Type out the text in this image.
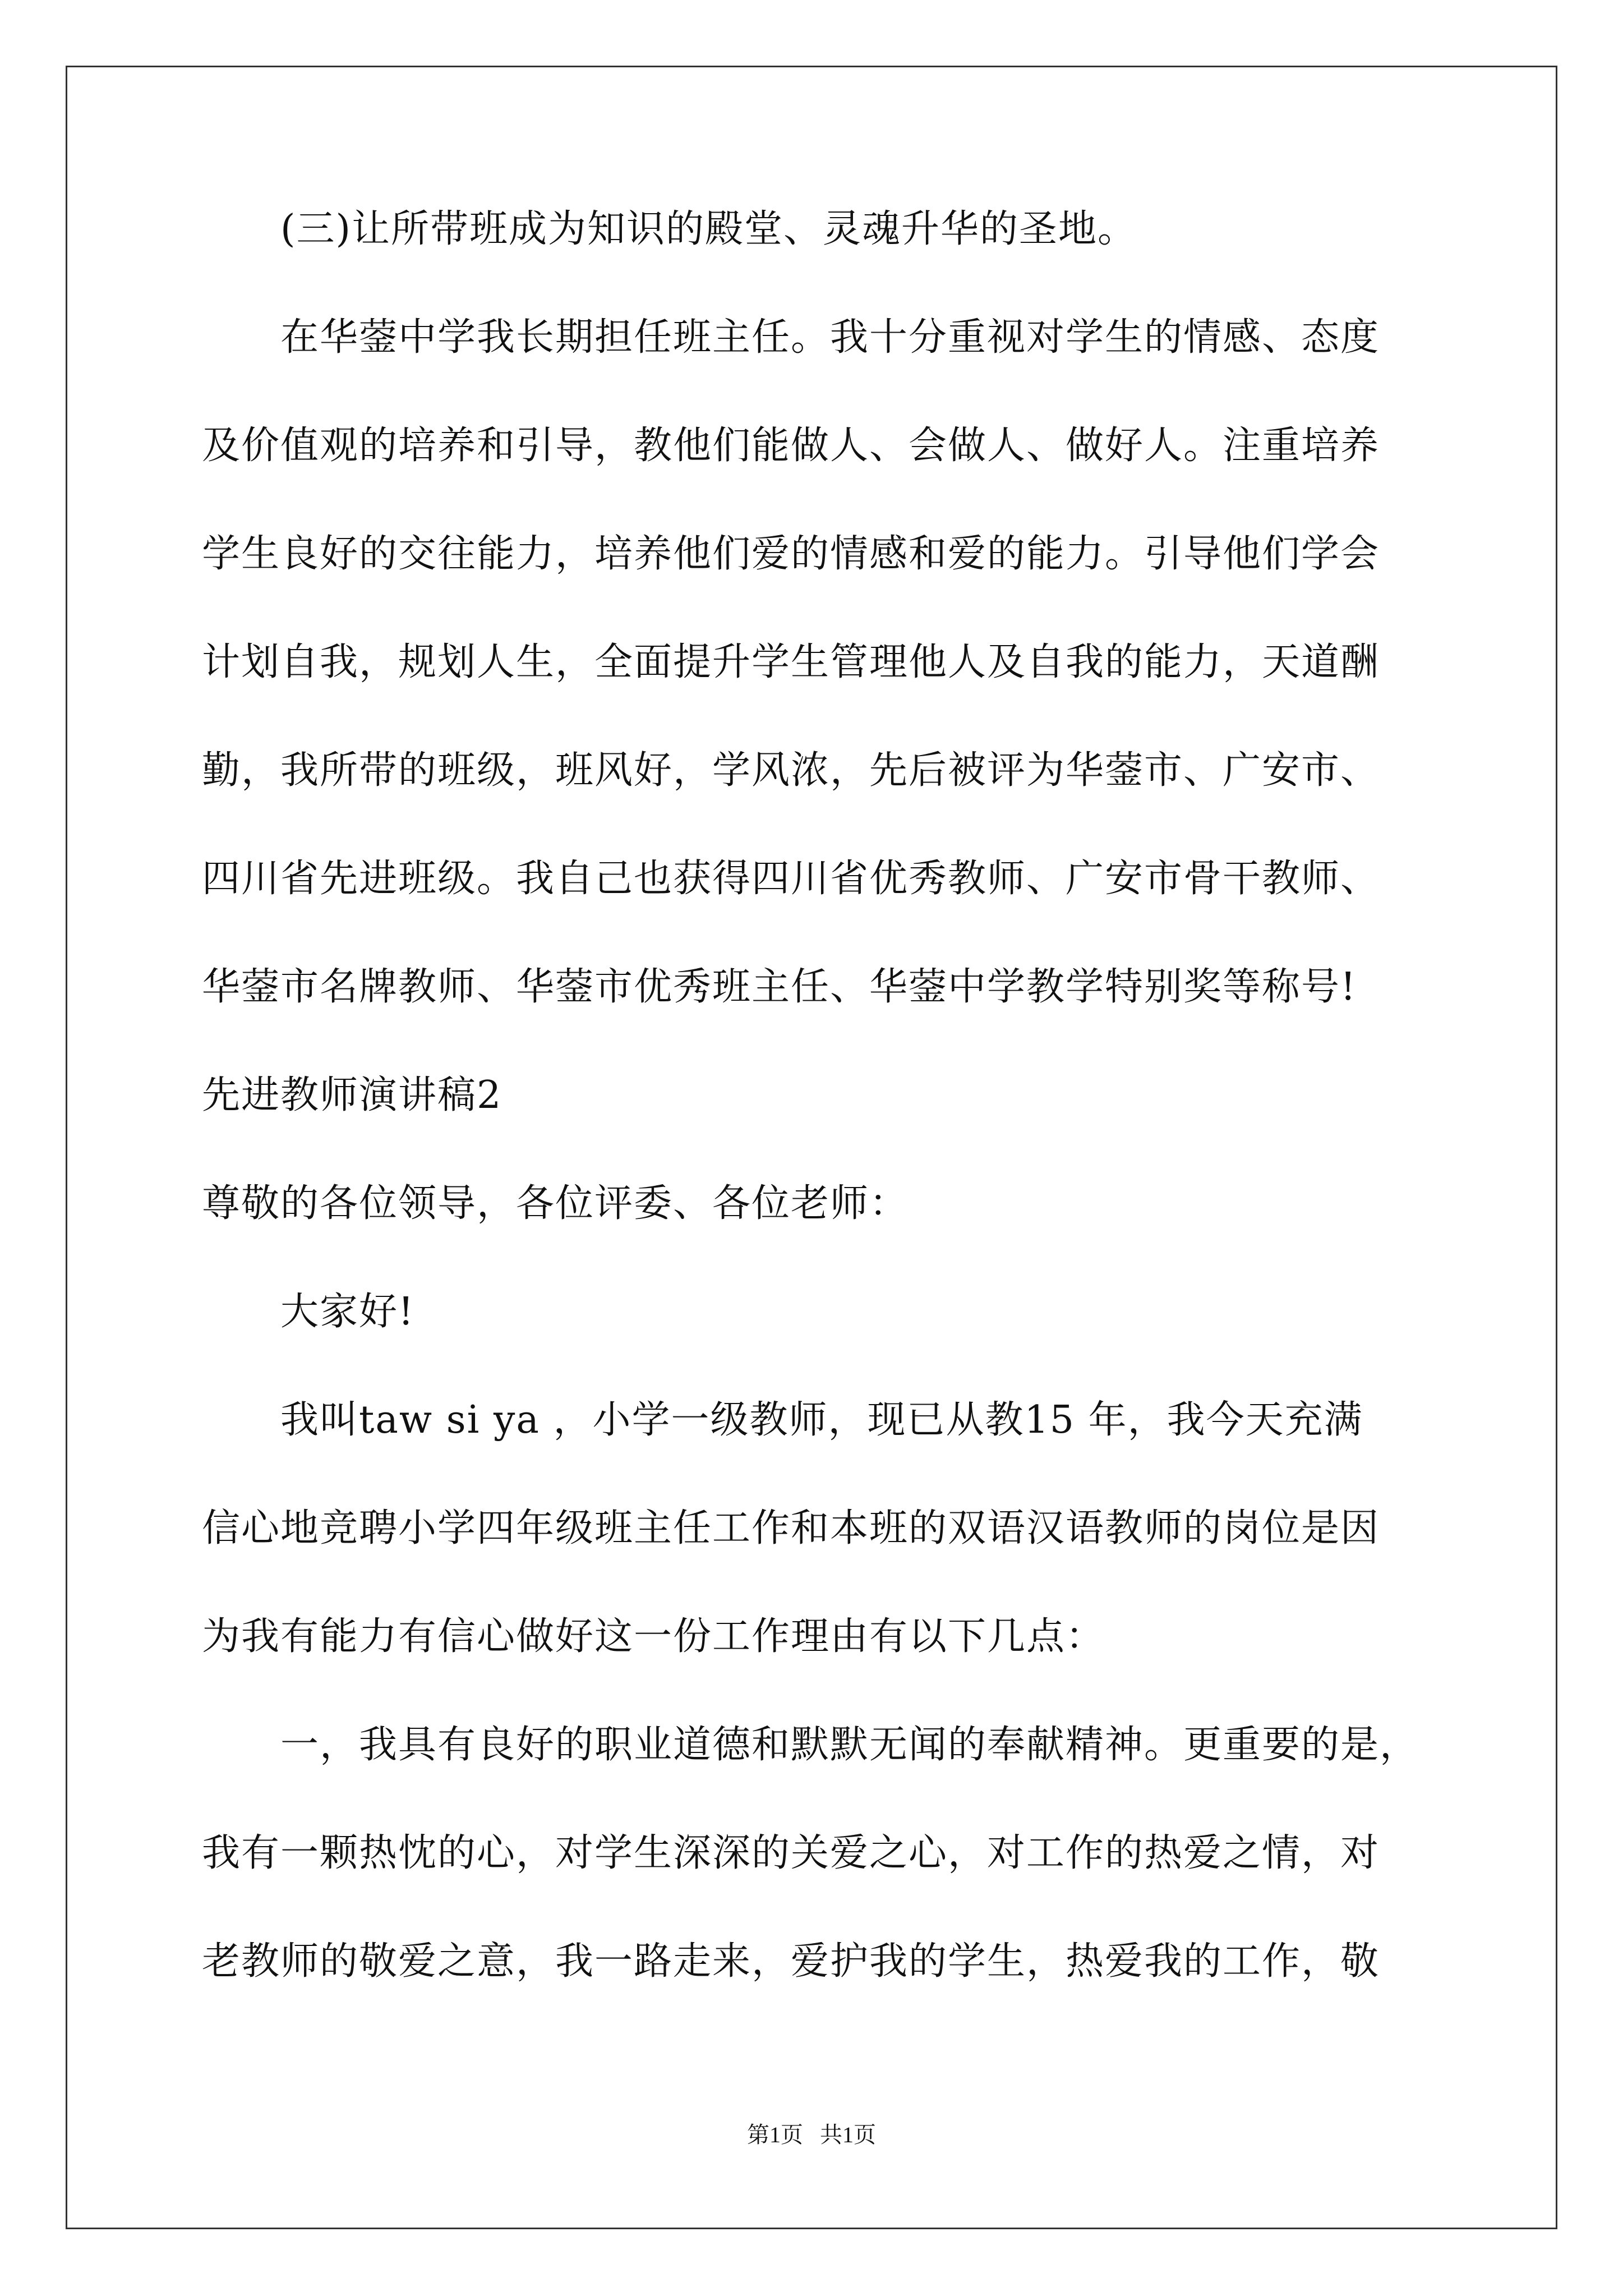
(三)让所带班成为知识的殿堂、灵魂升华的圣地。
在华蓥中学我长期担任班主任。我十分重视对学生的情感、态度
及价值观的培养和引导，教他们能做人、会做人、做好人。注重培养
学生良好的交往能力，培养他们爱的情感和爱的能力。引导他们学会
计划自我，规划人生，全面提升学生管理他人及自我的能力，天道酬
勤，我所带的班级，班风好，学风浓，先后被评为华蓥市、广安市、
四川省先进班级。我自己也获得四川省优秀教师、广安市骨干教师、
华蓥市名牌教师、华蓥市优秀班主任、华蓥中学教学特别奖等称号!
先进教师演讲稿2
尊敬的各位领导，各位评委、各位老师：
大家好!
我叫taw si ya ，小学一级教师，现已从教15 年，我今天充满
信心地竞聘小学四年级班主任工作和本班的双语汉语教师的岗位是因
为我有能力有信心做好这一份工作理由有以下几点：
一，我具有良好的职业道德和默默无闻的奉献精神。更重要的是，
我有一颗热忱的心，对学生深深的关爱之心，对工作的热爱之情，对
老教师的敬爱之意，我一路走来，爱护我的学生，热爱我的工作，敬
第1页   共1页
